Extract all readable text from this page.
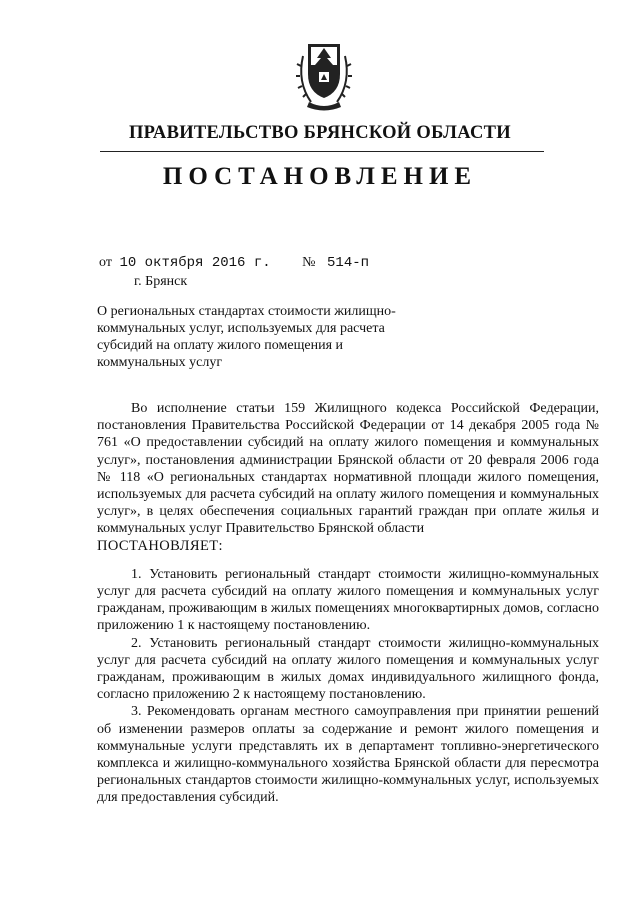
ПРАВИТЕЛЬСТВО БРЯНСКОЙ ОБЛАСТИ
ПОСТАНОВЛЕНИЕ
от 10 октября 2016 г. № 514-п
г. Брянск
О региональных стандартах стоимости жилищно-коммунальных услуг, используемых для расчета субсидий на оплату жилого помещения и коммунальных услуг

Во исполнение статьи 159 Жилищного кодекса Российской Федерации, постановления Правительства Российской Федерации от 14 декабря 2005 года № 761 «О предоставлении субсидий на оплату жилого помещения и коммунальных услуг», постановления администрации Брянской области от 20 февраля 2006 года № 118 «О региональных стандартах нормативной площади жилого помещения, используемых для расчета субсидий на оплату жилого помещения и коммунальных услуг», в целях обеспечения социальных гарантий граждан при оплате жилья и коммунальных услуг Правительство Брянской области

ПОСТАНОВЛЯЕТ:

1. Установить региональный стандарт стоимости жилищно-коммунальных услуг для расчета субсидий на оплату жилого помещения и коммунальных услуг гражданам, проживающим в жилых помещениях многоквартирных домов, согласно приложению 1 к настоящему постановлению.

2. Установить региональный стандарт стоимости жилищно-коммунальных услуг для расчета субсидий на оплату жилого помещения и коммунальных услуг гражданам, проживающим в жилых домах индивидуального жилищного фонда, согласно приложению 2 к настоящему постановлению.

3. Рекомендовать органам местного самоуправления при принятии решений об изменении размеров оплаты за содержание и ремонт жилого помещения и коммунальные услуги представлять их в департамент топливно-энергетического комплекса и жилищно-коммунального хозяйства Брянской области для пересмотра региональных стандартов стоимости жилищно-коммунальных услуг, используемых для предоставления субсидий.
